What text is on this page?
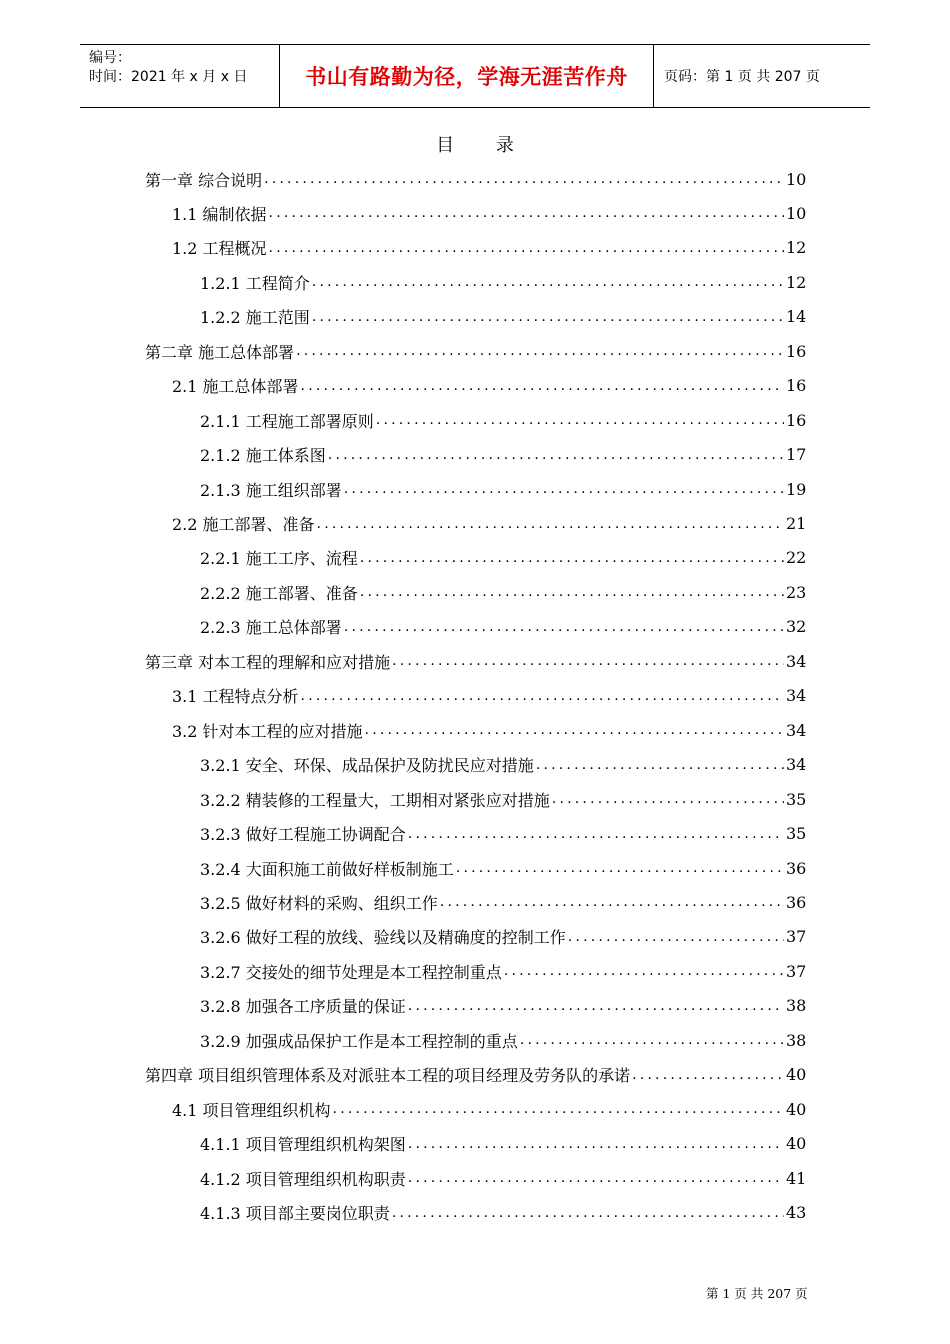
编号：
时间：2021 年 x 月 x 日	书山有路勤为径，学海无涯苦作舟	页码：第 1 页 共 207 页
目 录
第一章 综合说明 .....	10
1.1 编制依据 .....	10
1.2 工程概况 .....	12
1.2.1 工程简介 .....	12
1.2.2 施工范围 .....	14
第二章 施工总体部署 .....	16
2.1 施工总体部署 .....	16
2.1.1 工程施工部署原则 .....	16
2.1.2 施工体系图 .....	17
2.1.3 施工组织部署 .....	19
2.2 施工部署、准备 .....	21
2.2.1 施工工序、流程 .....	22
2.2.2 施工部署、准备 .....	23
2.2.3 施工总体部署 .....	32
第三章 对本工程的理解和应对措施 .....	34
3.1 工程特点分析 .....	34
3.2 针对本工程的应对措施 .....	34
3.2.1 安全、环保、成品保护及防扰民应对措施 .....	34
3.2.2 精装修的工程量大，工期相对紧张应对措施 .....	35
3.2.3 做好工程施工协调配合 .....	35
3.2.4 大面积施工前做好样板制施工 .....	36
3.2.5 做好材料的采购、组织工作 .....	36
3.2.6 做好工程的放线、验线以及精确度的控制工作 .....	37
3.2.7 交接处的细节处理是本工程控制重点 .....	37
3.2.8 加强各工序质量的保证 .....	38
3.2.9 加强成品保护工作是本工程控制的重点 .....	38
第四章 项目组织管理体系及对派驻本工程的项目经理及劳务队的承诺 .....	40
4.1 项目管理组织机构 .....	40
4.1.1 项目管理组织机构架图 .....	40
4.1.2 项目管理组织机构职责 .....	41
4.1.3 项目部主要岗位职责 .....	43
第 1 页 共 207 页
